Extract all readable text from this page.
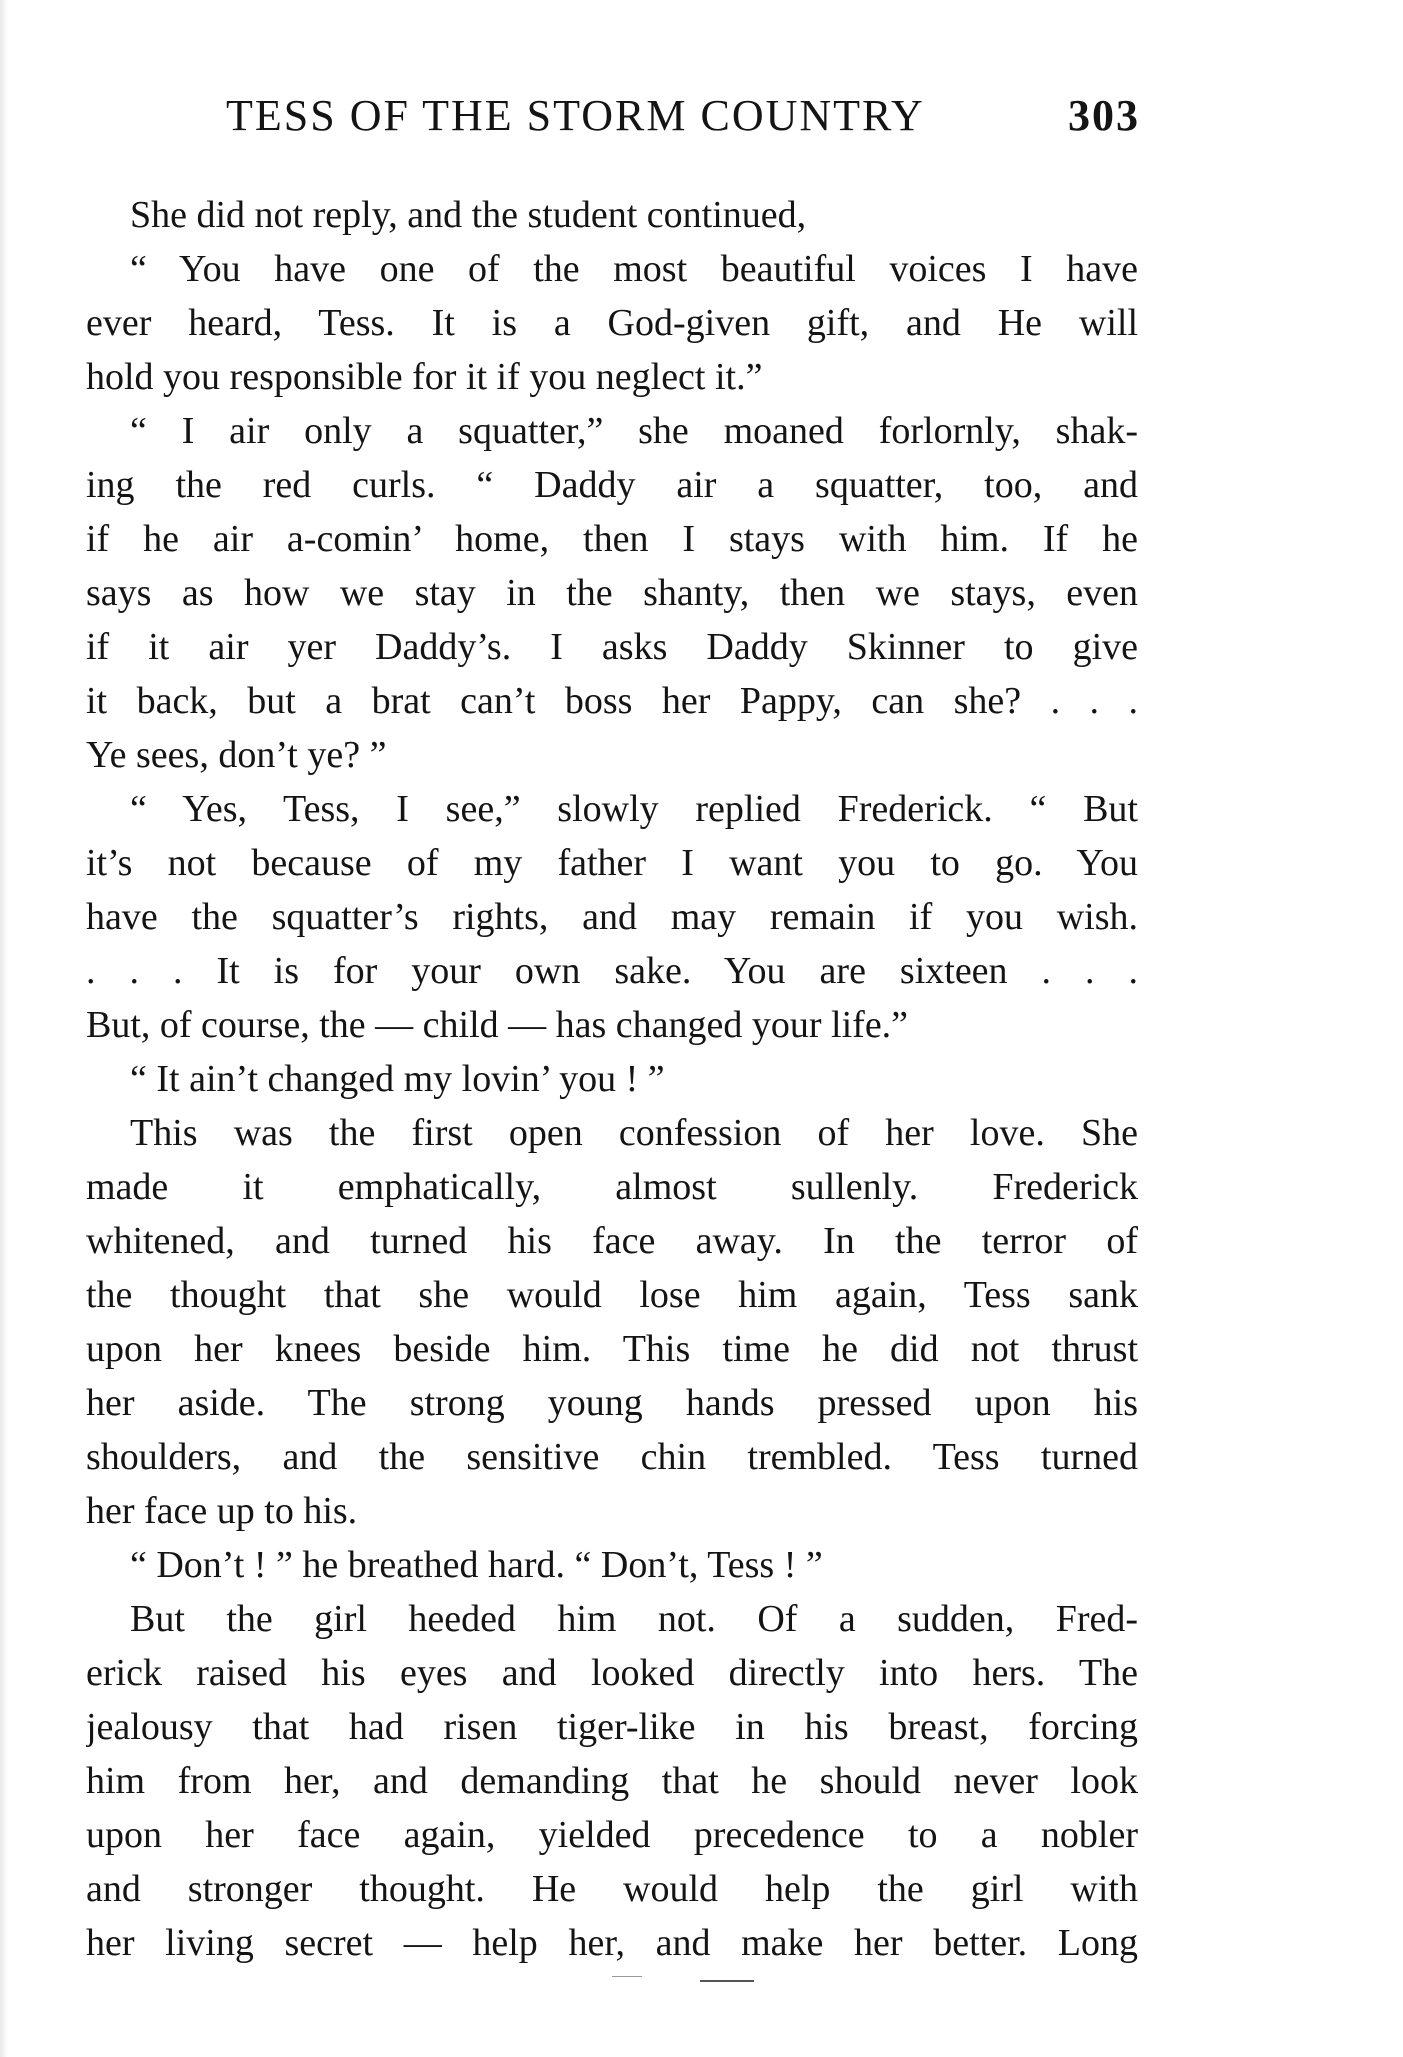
TESS OF THE STORM COUNTRY	303
She did not reply, and the student continued,
“ You have one of the most beautiful voices I have
ever heard, Tess. It is a God-given gift, and He will
hold you responsible for it if you neglect it.”
“ I air only a squatter,” she moaned forlornly, shak-
ing the red curls. “ Daddy air a squatter, too, and
if he air a-comin’ home, then I stays with him. If he
says as how we stay in the shanty, then we stays, even
if it air yer Daddy’s. I asks Daddy Skinner to give
it back, but a brat can’t boss her Pappy, can she? . . .
Ye sees, don’t ye? ”
“ Yes, Tess, I see,” slowly replied Frederick. “ But
it’s not because of my father I want you to go. You
have the squatter’s rights, and may remain if you wish.
. . . It is for your own sake. You are sixteen . . .
But, of course, the — child — has changed your life.”
“ It ain’t changed my lovin’ you ! ”
This was the first open confession of her love. She
made it emphatically, almost sullenly. Frederick
whitened, and turned his face away. In the terror of
the thought that she would lose him again, Tess sank
upon her knees beside him. This time he did not thrust
her aside. The strong young hands pressed upon his
shoulders, and the sensitive chin trembled. Tess turned
her face up to his.
“ Don’t ! ” he breathed hard. “ Don’t, Tess ! ”
But the girl heeded him not. Of a sudden, Fred-
erick raised his eyes and looked directly into hers. The
jealousy that had risen tiger-like in his breast, forcing
him from her, and demanding that he should never look
upon her face again, yielded precedence to a nobler
and stronger thought. He would help the girl with
her living secret — help her, and make her better. Long
